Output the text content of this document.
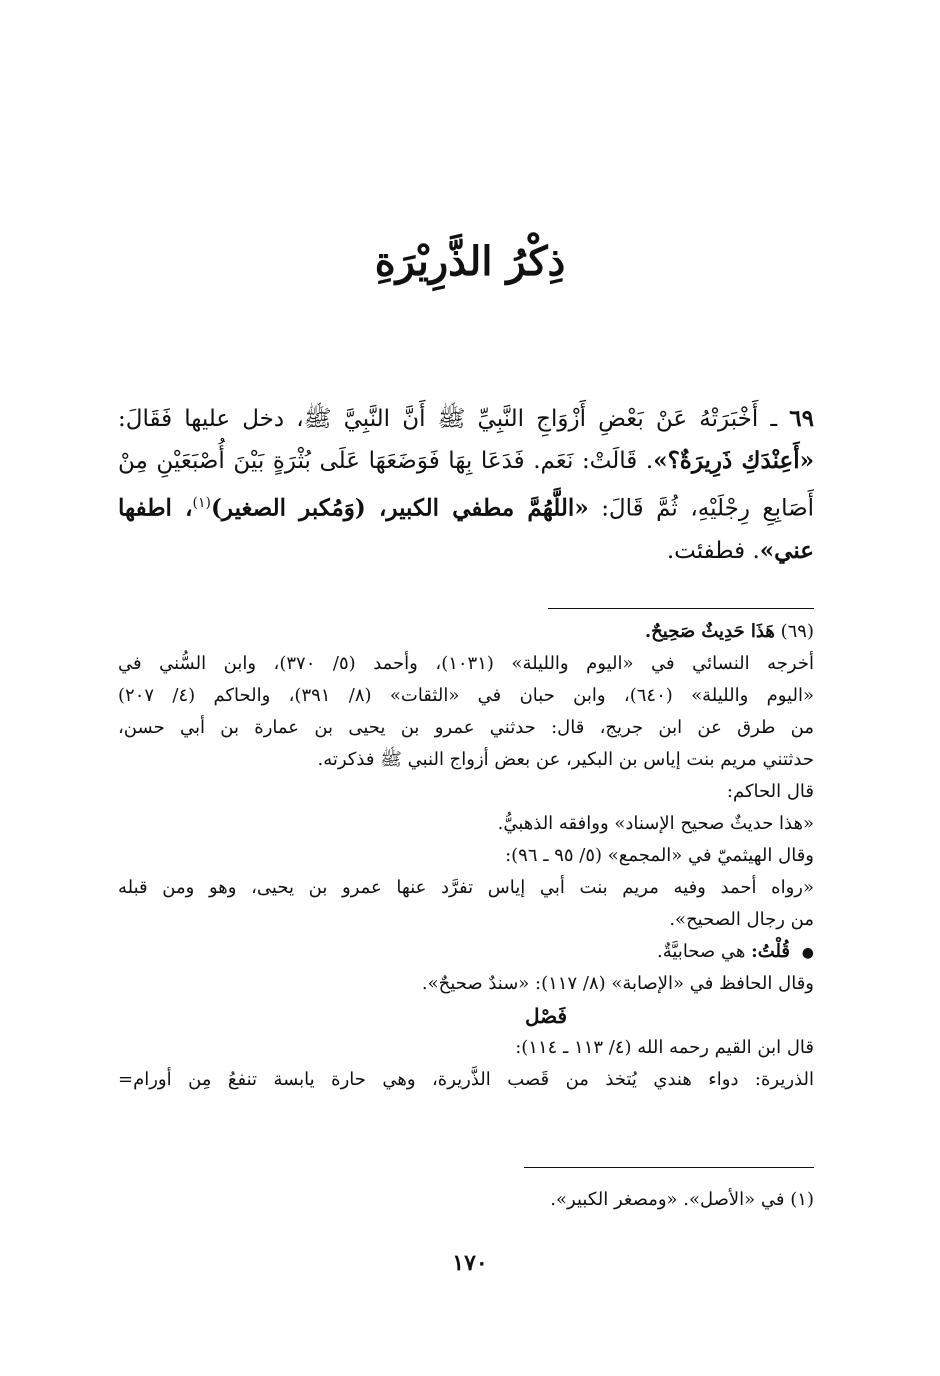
ذِكْرُ الذَّرِيْرَةِ
٦٩ ـ أَخْبَرَتْهُ عَنْ بَعْضِ أَزْوَاجِ النَّبِيِّ ﷺ أَنَّ النَّبِيَّ ﷺ، دخل عليها فَقَالَ: «أَعِنْدَكِ ذَرِيرَةٌ؟». قَالَتْ: نَعَم. فَدَعَا بِهَا فَوَضَعَهَا عَلَى بُثْرَةٍ بَيْنَ أُصْبَعَيْنِ مِنْ أَصَابِعِ رِجْلَيْهِ، ثُمَّ قَالَ: «اللَّهُمَّ مطفي الكبير، (وَمُكبر الصغير)$^{(١)}$، اطفها عني». فطفئت.
(٦٩) هَذَا حَدِيثٌ صَحِيحٌ.
أخرجه النسائي في «اليوم والليلة» (١٠٣١)، وأحمد (٥/ ٣٧٠)، وابن السُّني في
«اليوم والليلة» (٦٤٠)، وابن حبان في «الثقات» (٨/ ٣٩١)، والحاكم (٤/ ٢٠٧)
من طرق عن ابن جريج، قال: حدثني عمرو بن يحيى بن عمارة بن أبي حسن،
حدثتني مريم بنت إياس بن البكير، عن بعض أزواج النبي ﷺ فذكرته.
قال الحاكم:
«هذا حديثٌ صحيح الإسناد» ووافقه الذهبيُّ.
وقال الهيثميّ في «المجمع» (٥/ ٩٥ ـ ٩٦):
«رواه أحمد وفيه مريم بنت أبي إياس تفرَّد عنها عمرو بن يحيى، وهو ومن قبله
من رجال الصحيح».
● قُلْتُ: هي صحابيَّةٌ.
وقال الحافظ في «الإصابة» (٨/ ١١٧): «سندٌ صحيحٌ».
فَصْل
قال ابن القيم رحمه الله (٤/ ١١٣ ـ ١١٤):
الذريرة: دواء هندي يُتخذ من قَصب الذَّريرة، وهي حارة يابسة تنفعُ مِن أورام=
(١) في «الأصل». «ومصغر الكبير».
١٧٠
